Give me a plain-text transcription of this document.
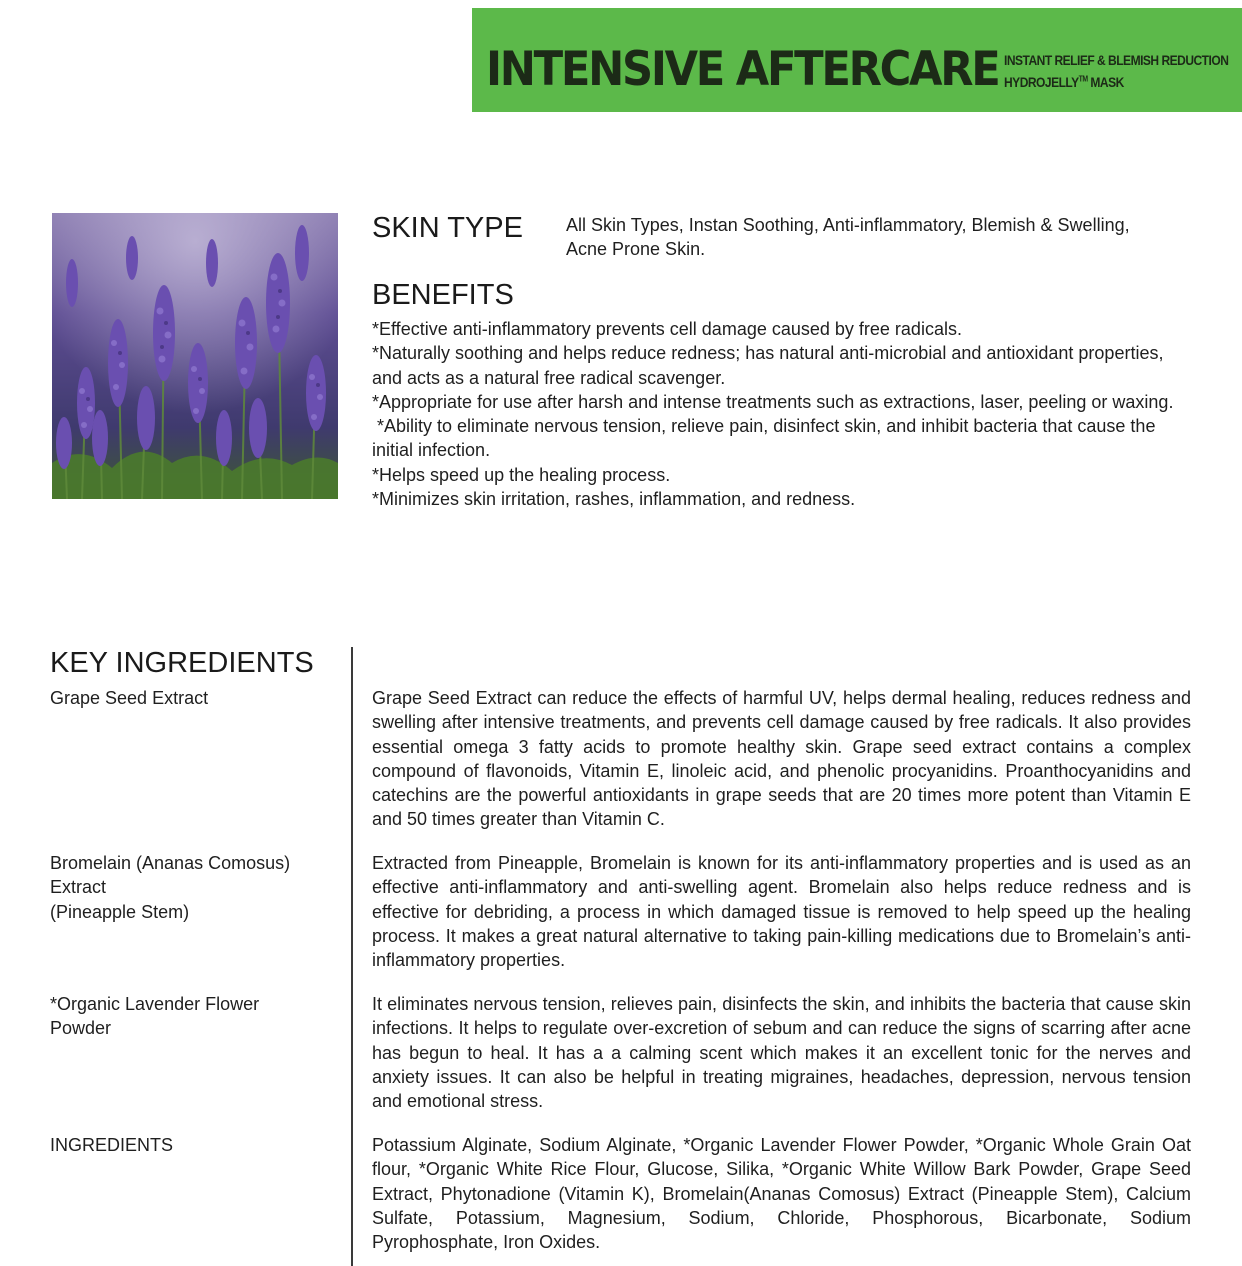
INTENSIVE AFTERCARE INSTANT RELIEF & BLEMISH REDUCTION
HYDROJELLY™ MASK
SKIN TYPE All Skin Types, Instan Soothing, Anti-inflammatory, Blemish & Swelling, Acne Prone Skin.
BENEFITS
*Effective anti-inflammatory prevents cell damage caused by free radicals.
*Naturally soothing and helps reduce redness; has natural anti-microbial and antioxidant properties, and acts as a natural free radical scavenger.
*Appropriate for use after harsh and intense treatments such as extractions, laser, peeling or waxing.
*Ability to eliminate nervous tension, relieve pain, disinfect skin, and inhibit bacteria that cause the initial infection.
*Helps speed up the healing process.
*Minimizes skin irritation, rashes, inflammation, and redness.
KEY INGREDIENTS
Grape Seed Extract	Grape Seed Extract can reduce the effects of harmful UV, helps dermal healing, reduces redness and swelling after intensive treatments, and prevents cell damage caused by free radicals. It also provides essential omega 3 fatty acids to promote healthy skin. Grape seed extract contains a complex compound of flavonoids, Vitamin E, linoleic acid, and phenolic procyanidins. Proanthocyanidins and catechins are the powerful antioxidants in grape seeds that are 20 times more potent than Vitamin E and 50 times greater than Vitamin C.
Bromelain (Ananas Comosus)
Extract
(Pineapple Stem)
Extracted from Pineapple, Bromelain is known for its anti-inflammatory properties and is used as an effective anti-inflammatory and anti-swelling agent. Bromelain also helps reduce redness and is effective for debriding, a process in which damaged tissue is removed to help speed up the healing process. It makes a great natural alternative to taking pain-killing medications due to Bromelain’s anti-inflammatory properties.
*Organic Lavender Flower
Powder
It eliminates nervous tension, relieves pain, disinfects the skin, and inhibits the bacteria that cause skin infections. It helps to regulate over-excretion of sebum and can reduce the signs of scarring after acne has begun to heal. It has a a calming scent which makes it an excellent tonic for the nerves and anxiety issues. It can also be helpful in treating migraines, headaches, depression, nervous tension and emotional stress.
INGREDIENTS	Potassium Alginate, Sodium Alginate, *Organic Lavender Flower Powder, *Organic Whole Grain Oat flour, *Organic White Rice Flour, Glucose, Silika, *Organic White Willow Bark Powder, Grape Seed Extract, Phytonadione (Vitamin K), Bromelain(Ananas Comosus) Extract (Pineapple Stem), Calcium Sulfate, Potassium, Magnesium, Sodium, Chloride, Phosphorous, Bicarbonate, Sodium Pyrophosphate, Iron Oxides.
